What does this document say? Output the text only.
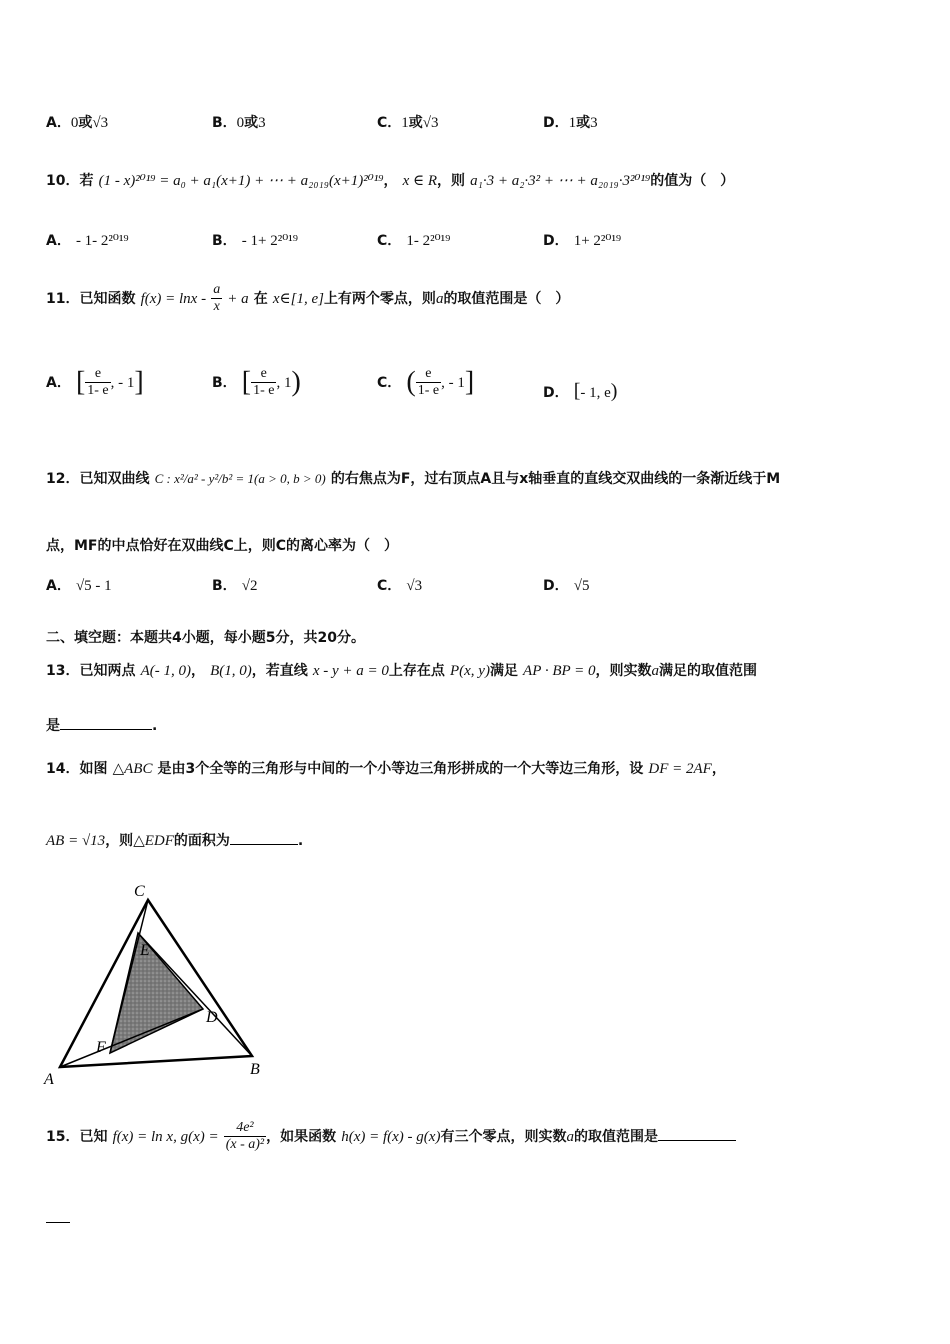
A．0或√3	B．0或3	C．1或√3	D．1或3
10．若 (1 - x)²⁰¹⁹ = a₀ + a₁(x+1) + ⋯ + a₂₀₁₉(x+1)²⁰¹⁹， x ∈ R，则 a₁·3 + a₂·3² + ⋯ + a₂₀₁₉·3²⁰¹⁹的值为（　）
A． - 1- 2²⁰¹⁹	B． - 1+ 2²⁰¹⁹	C． 1- 2²⁰¹⁹	D． 1+ 2²⁰¹⁹
11．已知函数 $f(x) = \ln x - \frac{a}{x} + a$ 在 x∈[1, e]上有两个零点，则a的取值范围是（　）
A． [ $\frac{e}{1- e}$ , - 1]	B． [ $\frac{e}{1- e}$ , 1)	C． ( $\frac{e}{1- e}$ , - 1]	D． [- 1, e)
12．已知双曲线 C : x²/a² - y²/b² = 1(a > 0, b > 0) 的右焦点为F，过右顶点A且与x轴垂直的直线交双曲线的一条渐近线于M
点，MF的中点恰好在双曲线C上，则C的离心率为（　）
A． √5 - 1	B． √2	C． √3	D． √5
二、填空题：本题共4小题，每小题5分，共20分。
13．已知两点 A(- 1, 0)， B(1, 0)，若直线 x - y + a = 0上存在点 P(x, y)满足 AP · BP = 0，则实数a满足的取值范围
是	.
14．如图 △ABC 是由3个全等的三角形与中间的一个小等边三角形拼成的一个大等边三角形，设 DF = 2AF，
AB = √13，则△EDF的面积为	.
C
E
D
F
A
B
15．已知 f(x) = ln x, $g(x) = \frac{\text{4e²}}{\text{(x - a)²}}$ ，如果函数 h(x) = f(x) - g(x)有三个零点，则实数a的取值范围是
